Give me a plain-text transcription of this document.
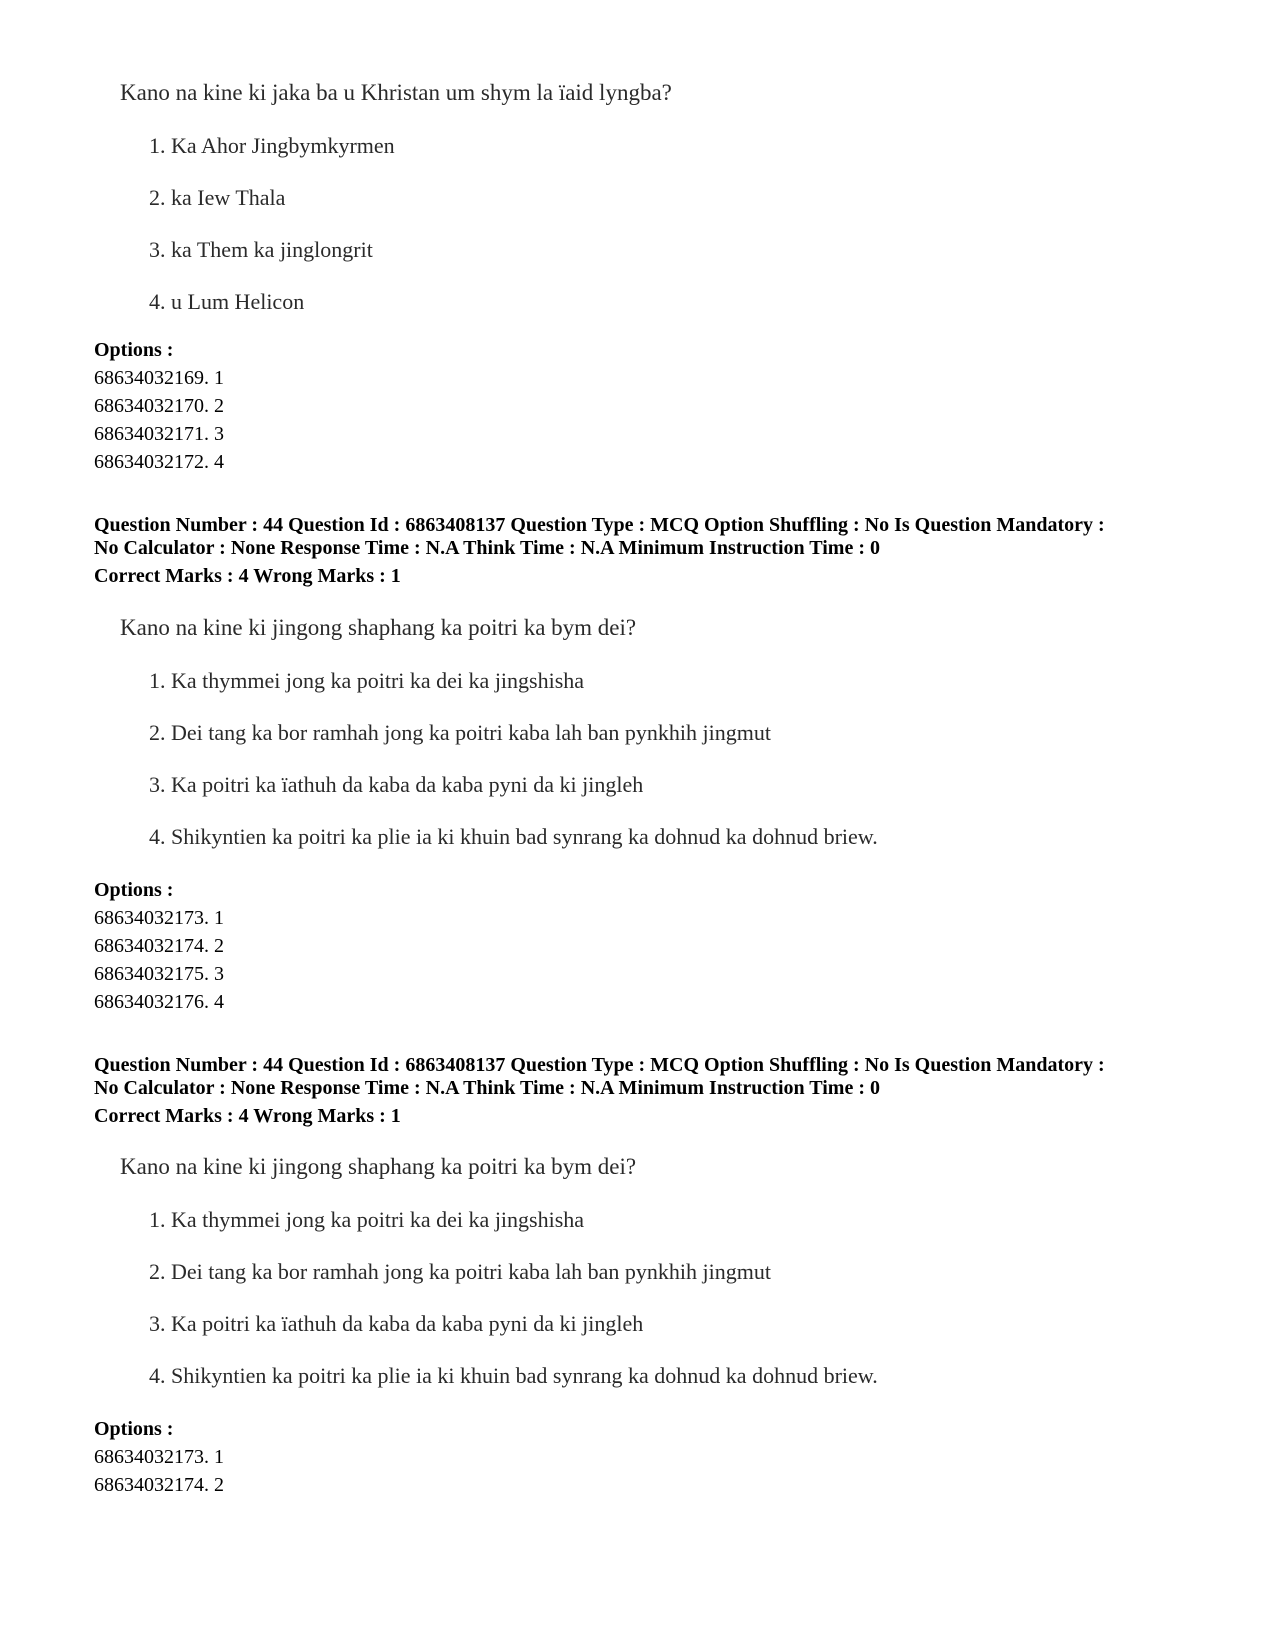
Kano na kine ki jaka ba u Khristan um shym la ïaid lyngba?
1. Ka Ahor Jingbymkyrmen
2. ka Iew Thala
3. ka Them ka jinglongrit
4. u Lum Helicon
Options :
68634032169. 1
68634032170. 2
68634032171. 3
68634032172. 4
Question Number : 44 Question Id : 6863408137 Question Type : MCQ Option Shuffling : No Is Question Mandatory :
No Calculator : None Response Time : N.A Think Time : N.A Minimum Instruction Time : 0
Correct Marks : 4 Wrong Marks : 1
Kano na kine ki jingong shaphang ka poitri ka bym dei?
1. Ka thymmei jong ka poitri ka dei ka jingshisha
2. Dei tang ka bor ramhah jong ka poitri kaba lah ban pynkhih jingmut
3. Ka poitri ka ïathuh da kaba da kaba pyni da ki jingleh
4. Shikyntien ka poitri ka plie ia ki khuin bad synrang ka dohnud ka dohnud briew.
Options :
68634032173. 1
68634032174. 2
68634032175. 3
68634032176. 4
Question Number : 44 Question Id : 6863408137 Question Type : MCQ Option Shuffling : No Is Question Mandatory :
No Calculator : None Response Time : N.A Think Time : N.A Minimum Instruction Time : 0
Correct Marks : 4 Wrong Marks : 1
Kano na kine ki jingong shaphang ka poitri ka bym dei?
1. Ka thymmei jong ka poitri ka dei ka jingshisha
2. Dei tang ka bor ramhah jong ka poitri kaba lah ban pynkhih jingmut
3. Ka poitri ka ïathuh da kaba da kaba pyni da ki jingleh
4. Shikyntien ka poitri ka plie ia ki khuin bad synrang ka dohnud ka dohnud briew.
Options :
68634032173. 1
68634032174. 2
